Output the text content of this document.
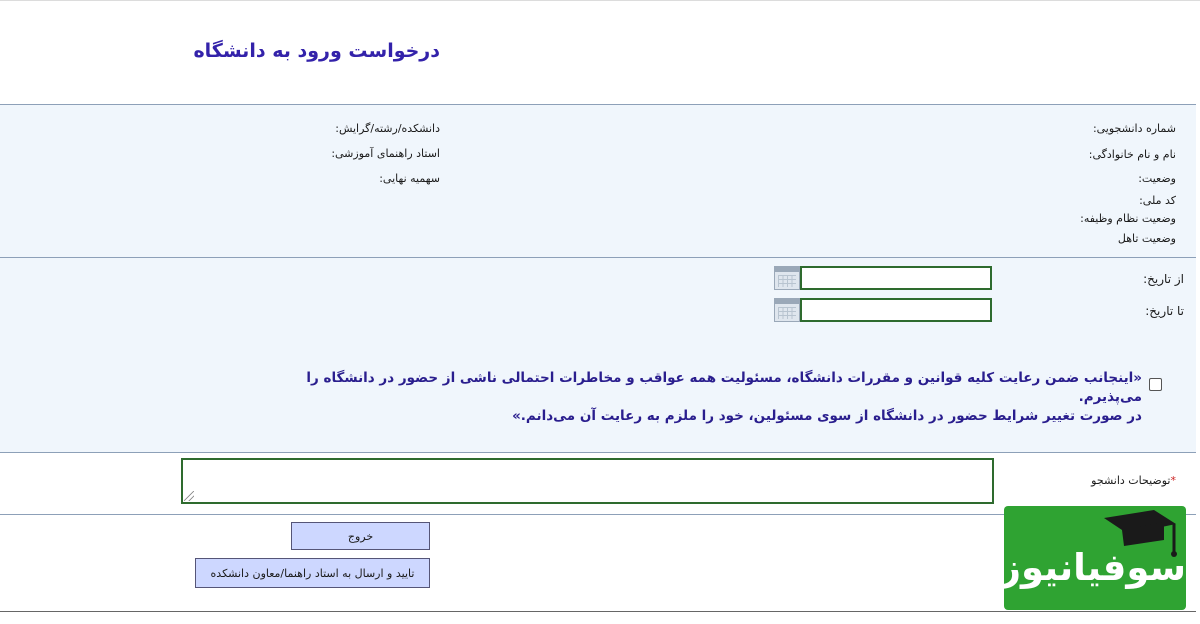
درخواست ورود به دانشگاه
شماره دانشجویی:
نام و نام خانوادگی:
وضعیت:
کد ملی:
وضعیت نظام وظیفه:
وضعیت تاهل
دانشکده/رشته/گرایش:
استاد راهنمای آموزشی:
سهمیه نهایی:
از تاریخ:
تا تاریخ:
«اینجانب ضمن رعایت کلیه قوانین و مقررات دانشگاه، مسئولیت همه عواقب و مخاطرات احتمالی ناشی از حضور در دانشگاه را می‌پذیرم.
در صورت تغییر شرایط حضور در دانشگاه از سوی مسئولین، خود را ملزم به رعایت آن می‌دانم.»
*توضیحات دانشجو
خروج
تایید و ارسال به استاد راهنما/معاون دانشکده	سوفیانیوز
